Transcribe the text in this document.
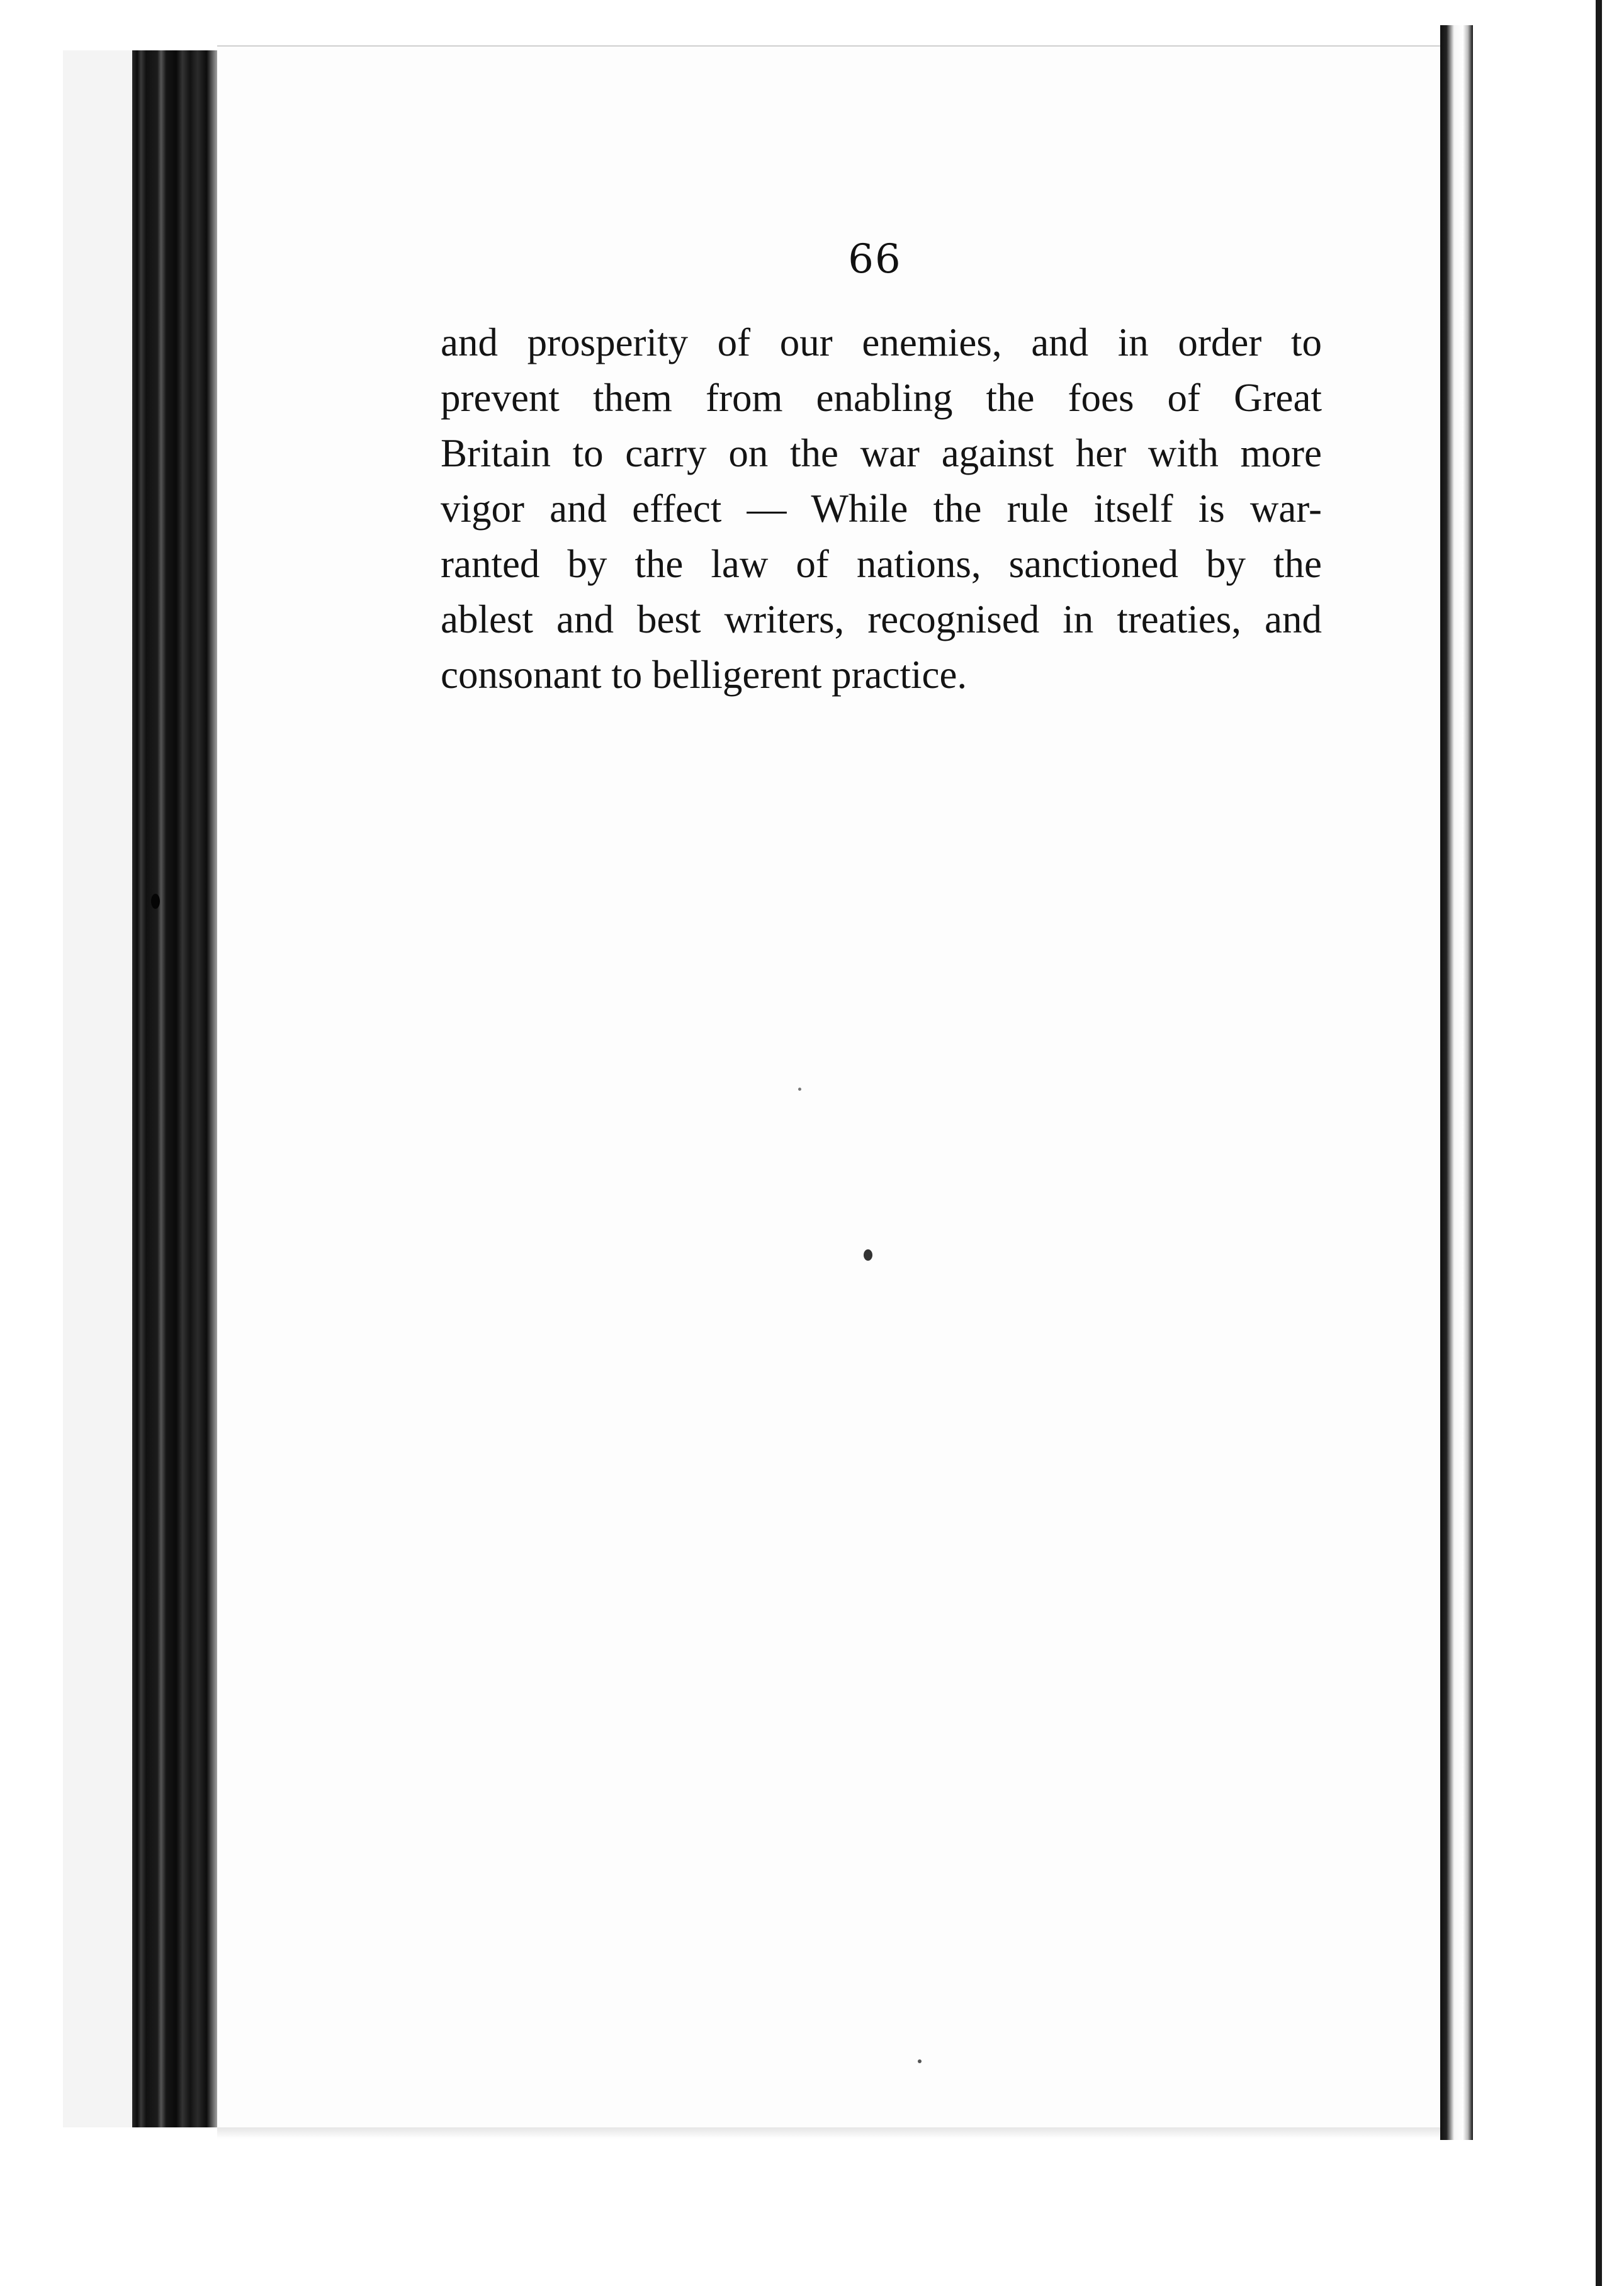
66
and prosperity of our enemies, and in order to
prevent them from enabling the foes of Great
Britain to carry on the war against her with more
vigor and effect — While the rule itself is war-
ranted by the law of nations, sanctioned by the
ablest and best writers, recognised in treaties, and
consonant to belligerent practice.
